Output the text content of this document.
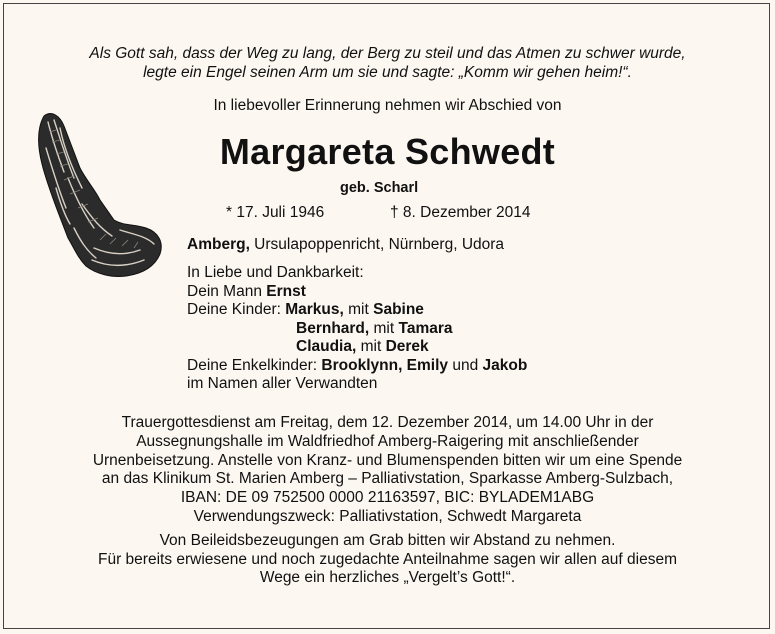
Als Gott sah, dass der Weg zu lang, der Berg zu steil und das Atmen zu schwer wurde,
legte ein Engel seinen Arm um sie und sagte: „Komm wir gehen heim!“.
In liebevoller Erinnerung nehmen wir Abschied von
Margareta Schwedt
geb. Scharl
* 17. Juli 1946	† 8. Dezember 2014
Amberg, Ursulapoppenricht, Nürnberg, Udora
In Liebe und Dankbarkeit:
Dein Mann Ernst
Deine Kinder: Markus, mit Sabine
Bernhard, mit Tamara
Claudia, mit Derek
Deine Enkelkinder: Brooklynn, Emily und Jakob
im Namen aller Verwandten
Trauergottesdienst am Freitag, dem 12. Dezember 2014, um 14.00 Uhr in der
Aussegnungshalle im Waldfriedhof Amberg-Raigering mit anschließender
Urnenbeisetzung. Anstelle von Kranz- und Blumenspenden bitten wir um eine Spende
an das Klinikum St. Marien Amberg – Palliativstation, Sparkasse Amberg-Sulzbach,
IBAN: DE 09 752500 0000 21163597, BIC: BYLADEM1ABG
Verwendungszweck: Palliativstation, Schwedt Margareta
Von Beileidsbezeugungen am Grab bitten wir Abstand zu nehmen.
Für bereits erwiesene und noch zugedachte Anteilnahme sagen wir allen auf diesem
Wege ein herzliches „Vergelt’s Gott!“.
